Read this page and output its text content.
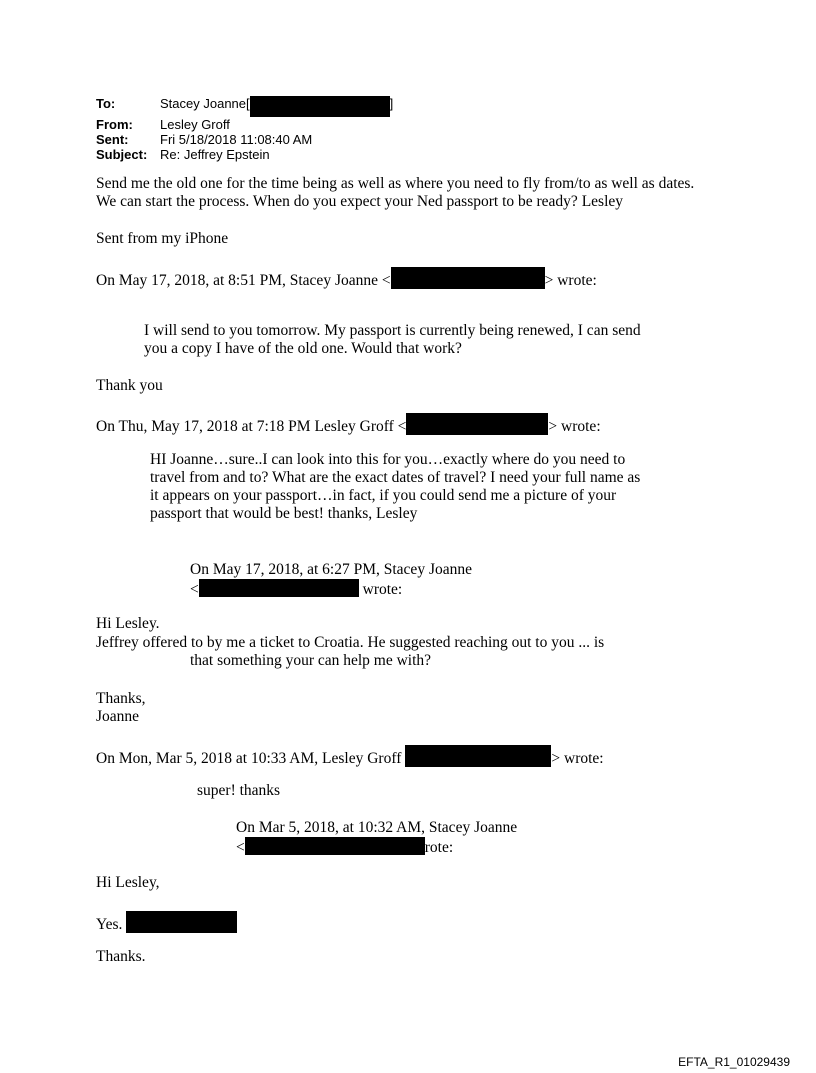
To:	Stacey Joanne[	]
From:	Lesley Groff
Sent:	Fri 5/18/2018 11:08:40 AM
Subject: Re: Jeffrey Epstein
Send me the old one for the time being as well as where you need to fly from/to as well as dates.
We can start the process. When do you expect your Ned passport to be ready? Lesley
Sent from my iPhone
On May 17, 2018, at 8:51 PM, Stacey Joanne <	> wrote:
I will send to you tomorrow. My passport is currently being renewed, I can send
you a copy I have of the old one. Would that work?
Thank you
On Thu, May 17, 2018 at 7:18 PM Lesley Groff <	> wrote:
HI Joanne…sure..I can look into this for you…exactly where do you need to
travel from and to? What are the exact dates of travel? I need your full name as
it appears on your passport…in fact, if you could send me a picture of your
passport that would be best! thanks, Lesley
On May 17, 2018, at 6:27 PM, Stacey Joanne
<	wrote:
Hi Lesley.
Jeffrey offered to by me a ticket to Croatia. He suggested reaching out to you ... is
that something your can help me with?
Thanks,
Joanne
On Mon, Mar 5, 2018 at 10:33 AM, Lesley Groff	> wrote:
super! thanks
On Mar 5, 2018, at 10:32 AM, Stacey Joanne
<	rote:
Hi Lesley,
Yes.
Thanks.
EFTA_R1_01029439
